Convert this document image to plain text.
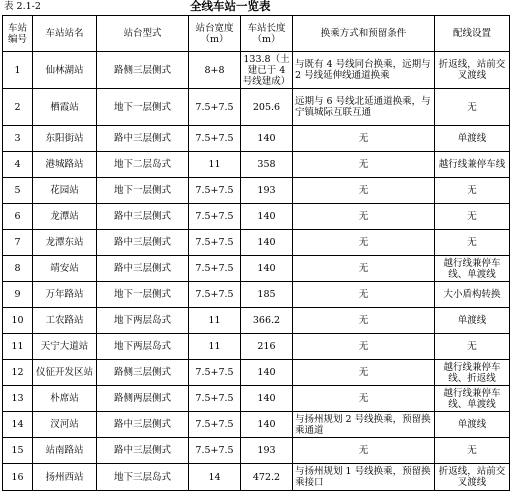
表 2.1-2	全线车站一览表
车站编号	车站站名	站台型式	站台宽度（m）	车站长度（m）	换乘方式和预留条件	配线设置
1	仙林湖站	路侧三层侧式	8+8	133.8（土建已于 4 号线建成）	与既有 4 号线同台换乘，远期与 2 号线延伸线通道换乘	折返线，站前交叉渡线
2	栖霞站	地下一层侧式	7.5+7.5	205.6	远期与 6 号线北延通道换乘，与宁镇城际互联互通	无
3	东阳街站	路中三层侧式	7.5+7.5	140	无	单渡线
4	港城路站	地下二层岛式	11	358	无	越行线兼停车线
5	花园站	地下一层侧式	7.5+7.5	193	无	无
6	龙潭站	路中三层侧式	7.5+7.5	140	无	无
7	龙潭东站	路中三层侧式	7.5+7.5	140	无	无
8	靖安站	路中三层侧式	7.5+7.5	140	无	越行线兼停车线、单渡线
9	万年路站	地下一层侧式	7.5+7.5	185	无	大小盾构转换
10	工农路站	地下两层岛式	11	366.2	无	单渡线
11	天宁大道站	地下两层岛式	11	216	无	无
12	仪征开发区站	路侧三层侧式	7.5+7.5	140	无	越行线兼停车线、折返线
13	朴席站	路侧两层侧式	7.5+7.5	140	无	越行线兼停车线、单渡线
14	汊河站	路中三层侧式	7.5+7.5	140	与扬州规划 2 号线换乘，预留换乘通道	单渡线
15	站南路站	路中三层侧式	7.5+7.5	193	无	无
16	扬州西站	地下三层岛式	14	472.2	与扬州规划 1 号线换乘，预留换乘接口	折返线，站前交叉渡线
